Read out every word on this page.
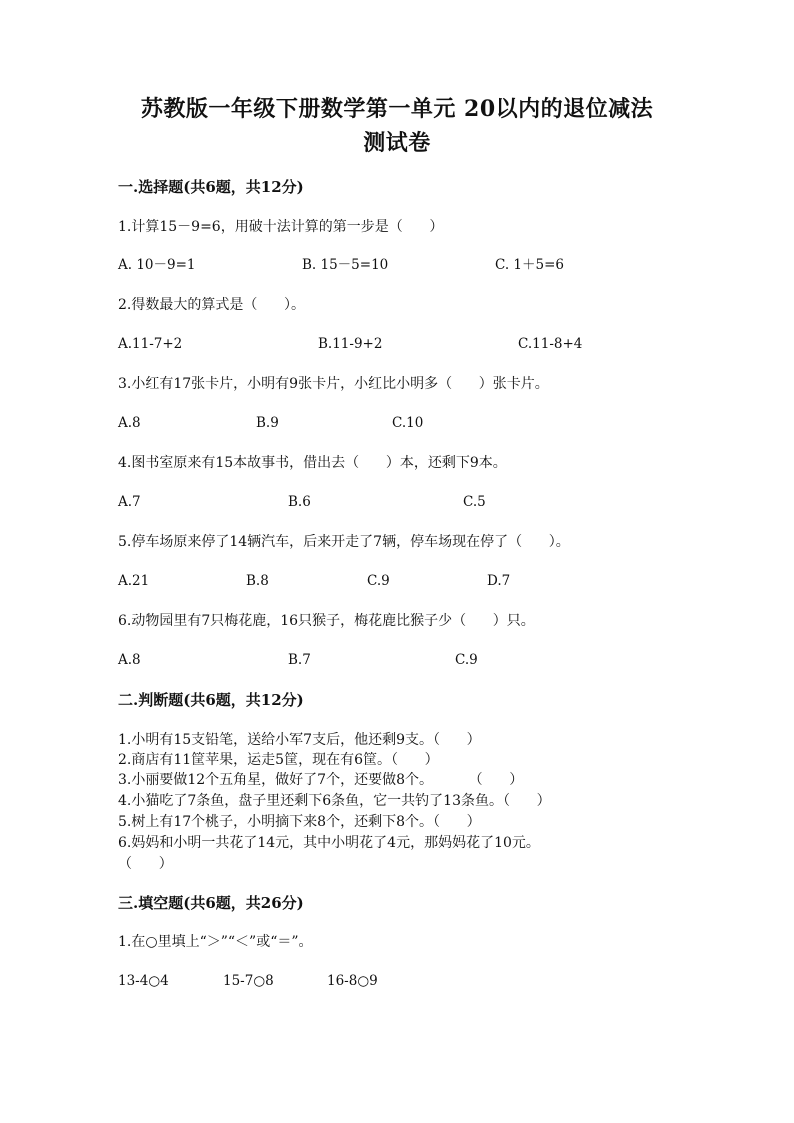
苏教版一年级下册数学第一单元 20以内的退位减法
测试卷
一.选择题(共6题，共12分)
1.计算15－9=6，用破十法计算的第一步是（      ）
A. 10－9=1	B. 15－5=10	C. 1＋5=6
2.得数最大的算式是（      ）。
A.11-7+2	B.11-9+2	C.11-8+4
3.小红有17张卡片，小明有9张卡片，小红比小明多（      ）张卡片。
A.8	B.9	C.10
4.图书室原来有15本故事书，借出去（      ）本，还剩下9本。
A.7	B.6	C.5
5.停车场原来停了14辆汽车，后来开走了7辆，停车场现在停了（      ）。
A.21	B.8	C.9	D.7
6.动物园里有7只梅花鹿，16只猴子，梅花鹿比猴子少（      ）只。
A.8	B.7	C.9
二.判断题(共6题，共12分)
1.小明有15支铅笔，送给小军7支后，他还剩9支。（      ）
2.商店有11筐苹果，运走5筐，现在有6筐。（      ）
3.小丽要做12个五角星，做好了7个，还要做8个。        （      ）
4.小猫吃了7条鱼，盘子里还剩下6条鱼，它一共钓了13条鱼。（      ）
5.树上有17个桃子，小明摘下来8个，还剩下8个。（      ）
6.妈妈和小明一共花了14元，其中小明花了4元，那妈妈花了10元。
（      ）
三.填空题(共6题，共26分)
1.在○里填上“＞”“＜”或“＝”。
13-4○4	15-7○8	16-8○9
